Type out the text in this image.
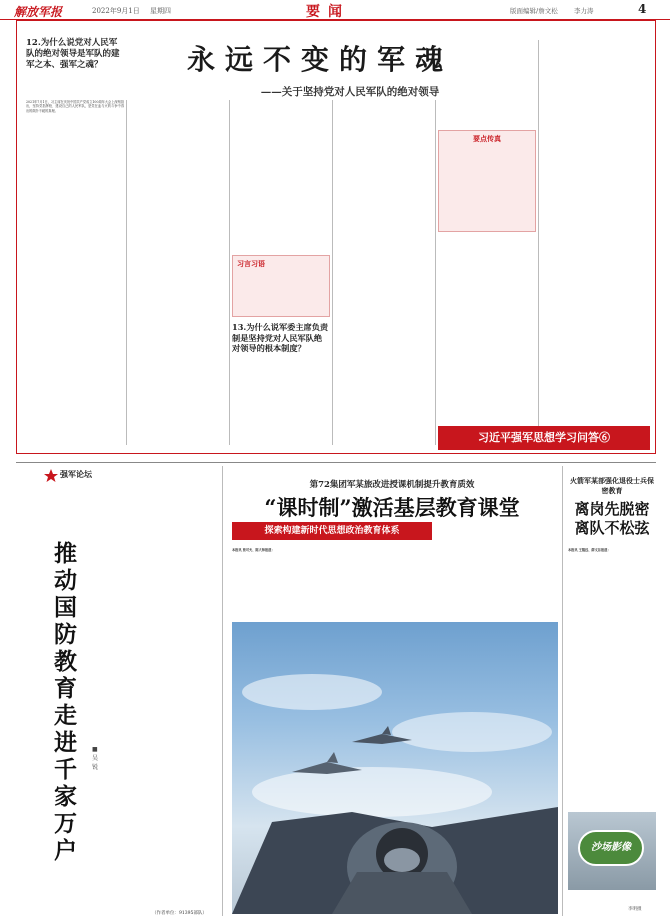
解放军报	2022年9月1日 星期四	要闻	版面编辑/詹文松	李力涛	4
12.为什么说党对人民军队的绝对领导是军队的建军之本、强军之魂？	永远不变的军魂
——关于坚持党对人民军队的绝对领导
2021年7月1日，习主席在庆祝中国共产党成立100周年大会上深刻指出，坚持党指挥枪、建设自己的人民军队，是党在血与火的斗争中得出的颠扑不破的真理。
习言习语
13.为什么说军委主席负责制是坚持党对人民军队绝对领导的根本制度？
要点传真
习近平强军思想学习问答⑥
强军论坛
推动国防教育走进千家万户
■ 吴 锐
（作者单位：91395部队）
第72集团军某旅改进授课机制提升教育质效
“课时制”激活基层教育课堂
探索构建新时代思想政治教育体系
本报讯 贾可夫、陈大帅报道：
火箭军某部强化退役士兵保密教育
离岗先脱密 离队不松弦
本报讯 王镇远、薛文东报道：
沙场影像
李明摄
